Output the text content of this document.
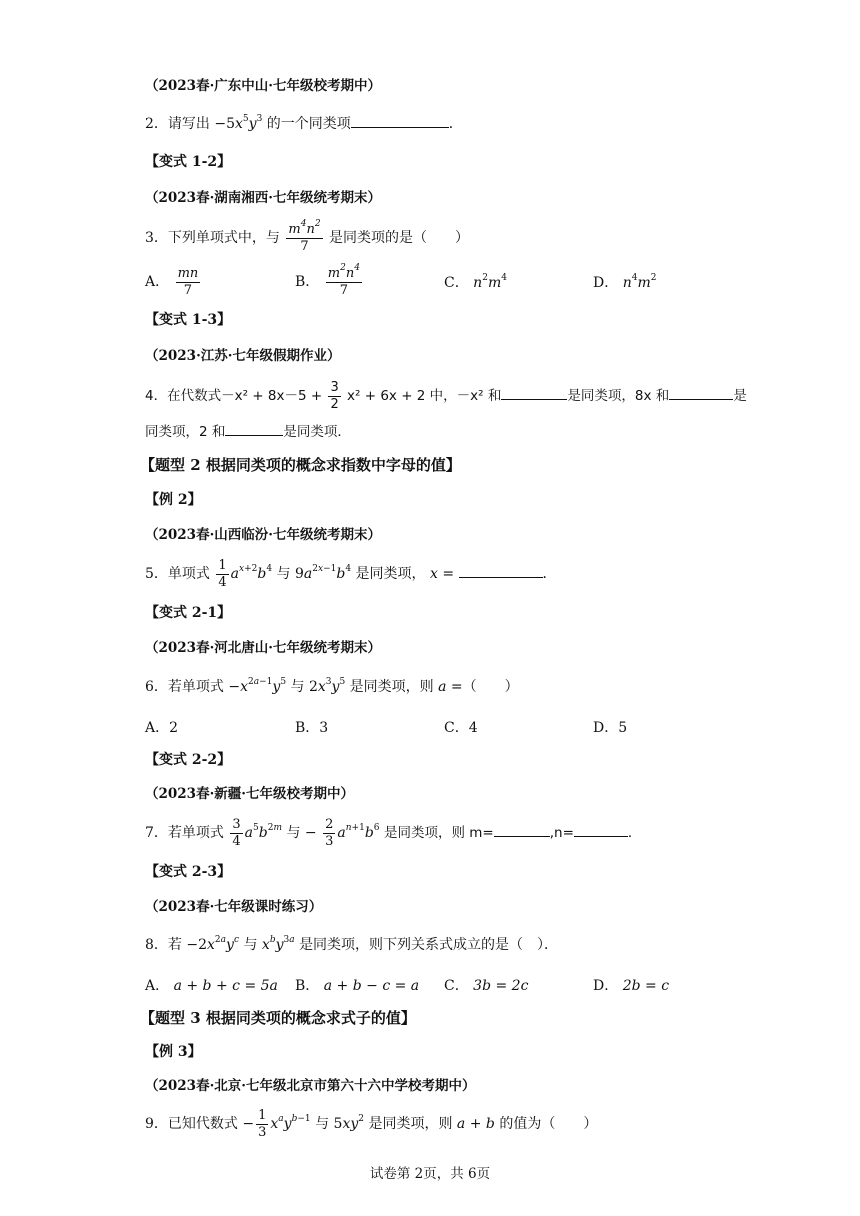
（2023春·广东中山·七年级校考期中）
2．请写出 $-5x^5y^3$ 的一个同类项	．
【变式 1-2】
（2023春·湖南湘西·七年级统考期末）
3．下列单项式中，与 $\frac{m^4n^2}{7}$ 是同类项的是（　　）
A． $\frac{mn}{7}$	B． $\frac{m^2n^4}{7}$	C． $n^2m^4$	D． $n^4m^2$
【变式 1-3】
（2023·江苏·七年级假期作业）
4．在代数式$-x^2 + 8x-5 + \frac{3}{2} x^2 + 6x + 2$ 中，－x² 和	是同类项，8x 和	是
同类项，2 和	是同类项．
【题型 2 根据同类项的概念求指数中字母的值】
【例 2】
（2023春·山西临汾·七年级统考期末）
5．单项式 $\frac{1}{4} a^{x+2}b^4$ 与 $9a^{2x-1}b^4$ 是同类项， x =	．
【变式 2-1】
（2023春·河北唐山·七年级统考期末）
6．若单项式 $-x^{2a-1}y^5$ 与 $2x^3y^5$ 是同类项，则 a =（　　）
A．2	B．3	C．4	D．5
【变式 2-2】
（2023春·新疆·七年级校考期中）
7．若单项式 $\frac{3}{4} a^5b^{2m}$ 与 − $\frac{2}{3} a^{n+1}b^6$ 是同类项，则 m=	,n=	．
【变式 2-3】
（2023春·七年级课时练习）
8．若 $-2x^{2a}y^c$ 与 $x^by^{3a}$ 是同类项，则下列关系式成立的是（　）．
A． a + b + c = 5a B． a + b − c = a C． 3b = 2c	D． 2b = c
【题型 3 根据同类项的概念求式子的值】
【例 3】
（2023春·北京·七年级北京市第六十六中学校考期中）
9．已知代数式 − $\frac{1}{3} x^ay^{b-1}$ 与 $5xy^2$ 是同类项，则 a + b 的值为（　　）
试卷第 2页，共 6页
